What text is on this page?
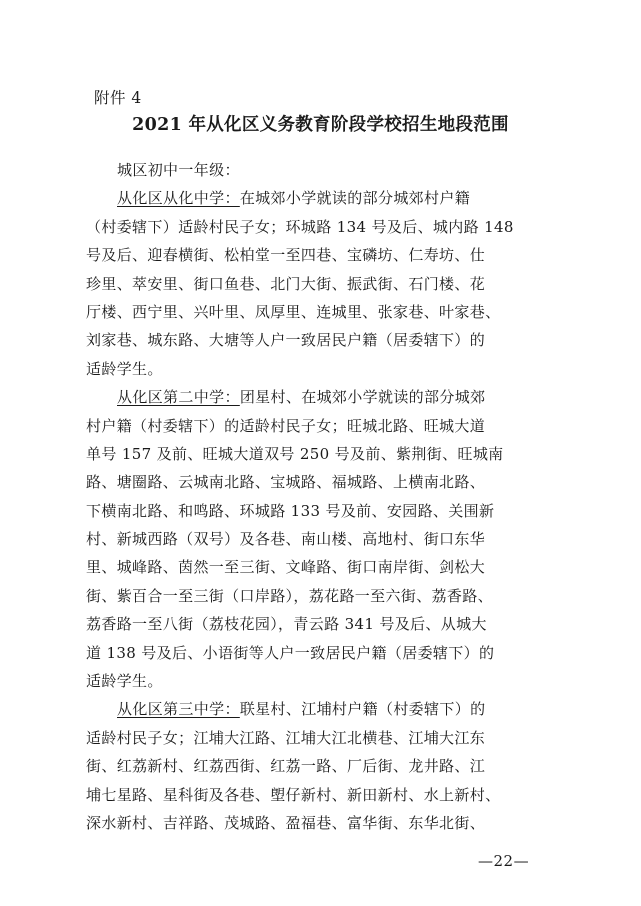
附件 4
2021 年从化区义务教育阶段学校招生地段范围
城区初中一年级：
从化区从化中学：在城郊小学就读的部分城郊村户籍
（村委辖下）适龄村民子女；环城路 134 号及后、城内路 148
号及后、迎春横街、松柏堂一至四巷、宝磷坊、仁寿坊、仕
珍里、萃安里、街口鱼巷、北门大街、振武街、石门楼、花
厅楼、西宁里、兴叶里、凤厚里、连城里、张家巷、叶家巷、
刘家巷、城东路、大塘等人户一致居民户籍（居委辖下）的
适龄学生。
从化区第二中学：团星村、在城郊小学就读的部分城郊
村户籍（村委辖下）的适龄村民子女；旺城北路、旺城大道
单号 157 及前、旺城大道双号 250 号及前、紫荆街、旺城南
路、塘圈路、云城南北路、宝城路、福城路、上横南北路、
下横南北路、和鸣路、环城路 133 号及前、安园路、关围新
村、新城西路（双号）及各巷、南山楼、高地村、街口东华
里、城峰路、茵然一至三街、文峰路、街口南岸街、剑松大
街、紫百合一至三街（口岸路），荔花路一至六街、荔香路、
荔香路一至八街（荔枝花园），青云路 341 号及后、从城大
道 138 号及后、小语街等人户一致居民户籍（居委辖下）的
适龄学生。
从化区第三中学：联星村、江埔村户籍（村委辖下）的
适龄村民子女；江埔大江路、江埔大江北横巷、江埔大江东
街、红荔新村、红荔西街、红荔一路、厂后街、龙井路、江
埔七星路、星科街及各巷、塱仔新村、新田新村、水上新村、
深水新村、吉祥路、茂城路、盈福巷、富华街、东华北街、
—22—
